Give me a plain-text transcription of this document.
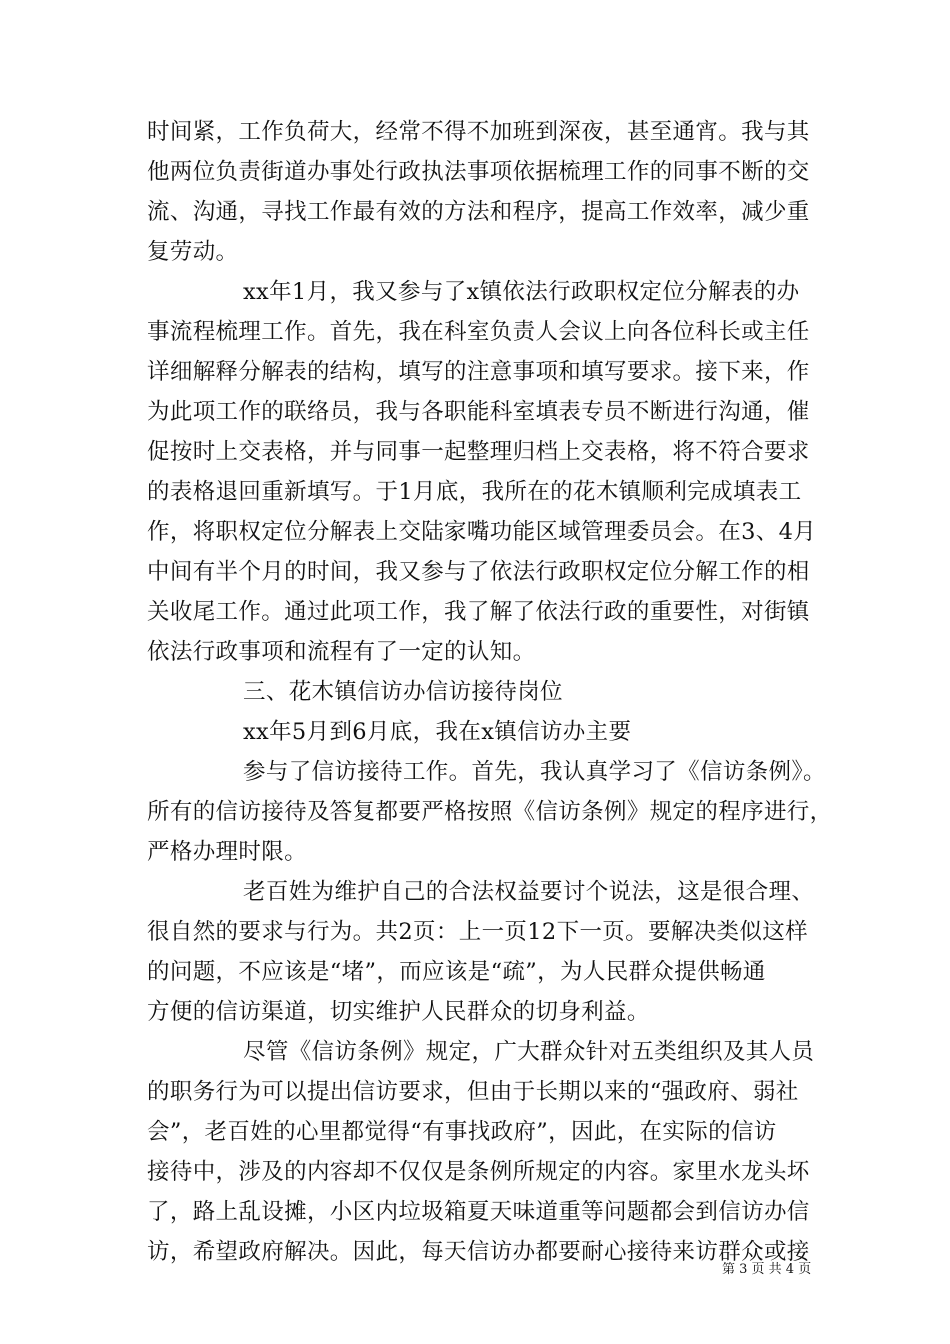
时间紧，工作负荷大，经常不得不加班到深夜，甚至通宵。我与其
他两位负责街道办事处行政执法事项依据梳理工作的同事不断的交
流、沟通，寻找工作最有效的方法和程序，提高工作效率，减少重
复劳动。
xx年1月，我又参与了x镇依法行政职权定位分解表的办
事流程梳理工作。首先，我在科室负责人会议上向各位科长或主任
详细解释分解表的结构，填写的注意事项和填写要求。接下来，作
为此项工作的联络员，我与各职能科室填表专员不断进行沟通，催
促按时上交表格，并与同事一起整理归档上交表格，将不符合要求
的表格退回重新填写。于1月底，我所在的花木镇顺利完成填表工
作，将职权定位分解表上交陆家嘴功能区域管理委员会。在3、4月
中间有半个月的时间，我又参与了依法行政职权定位分解工作的相
关收尾工作。通过此项工作，我了解了依法行政的重要性，对街镇
依法行政事项和流程有了一定的认知。
三、花木镇信访办信访接待岗位
xx年5月到6月底，我在x镇信访办主要
参与了信访接待工作。首先，我认真学习了《信访条例》。
所有的信访接待及答复都要严格按照《信访条例》规定的程序进行，
严格办理时限。
老百姓为维护自己的合法权益要讨个说法，这是很合理、
很自然的要求与行为。共2页：上一页12下一页。要解决类似这样
的问题，不应该是“堵”，而应该是“疏”，为人民群众提供畅通
方便的信访渠道，切实维护人民群众的切身利益。
尽管《信访条例》规定，广大群众针对五类组织及其人员
的职务行为可以提出信访要求，但由于长期以来的“强政府、弱社
会”，老百姓的心里都觉得“有事找政府”，因此，在实际的信访
接待中，涉及的内容却不仅仅是条例所规定的内容。家里水龙头坏
了，路上乱设摊，小区内垃圾箱夏天味道重等问题都会到信访办信
访，希望政府解决。因此，每天信访办都要耐心接待来访群众或接
第 3 页 共 4 页
